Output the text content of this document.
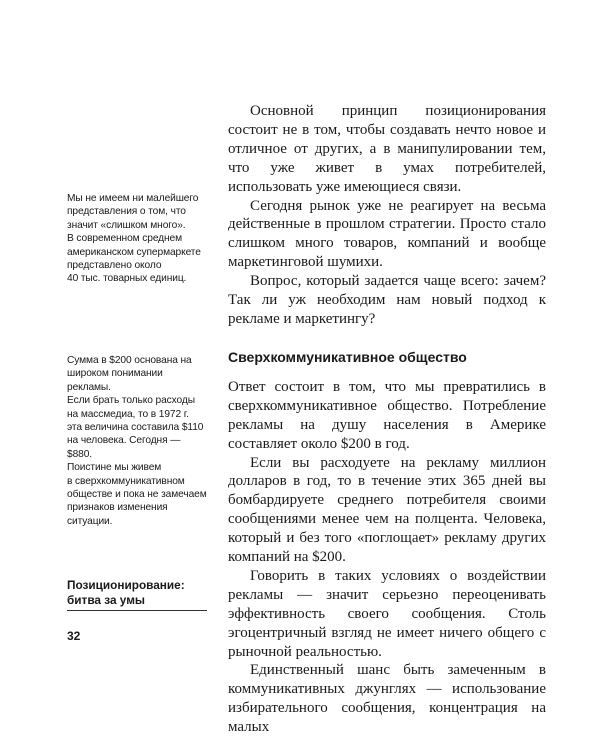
Мы не имеем ни малейшего
представления о том, что
значит «слишком много».
В современном среднем
американском супермаркете
представлено около
40 тыс. товарных единиц.
Сумма в $200 основана на
широком понимании рекламы.
Если брать только расходы
на массмедиа, то в 1972 г.
эта величина составила $110
на человека. Сегодня — $880.
Поистине мы живем
в сверхкоммуникативном
обществе и пока не замечаем
признаков изменения
ситуации.

Основной принцип позиционирования состоит не в том, чтобы создавать нечто новое и отличное от других, а в манипулировании тем, что уже живет в умах потребителей, использовать уже имеющиеся связи.

Сегодня рынок уже не реагирует на весьма действенные в прошлом стратегии. Просто стало слишком много товаров, компаний и вообще маркетинговой шумихи.

Вопрос, который задается чаще всего: зачем? Так ли уж необходим нам новый подход к рекламе и маркетингу?

Сверхкоммуникативное общество

Ответ состоит в том, что мы превратились в сверхкоммуникативное общество. Потребление рекламы на душу населения в Америке составляет около $200 в год.

Если вы расходуете на рекламу миллион долларов в год, то в течение этих 365 дней вы бомбардируете среднего потребителя своими сообщениями менее чем на полцента. Человека, который и без того «поглощает» рекламу других компаний на $200.

Говорить в таких условиях о воздействии рекламы — значит серьезно переоценивать эффективность своего сообщения. Столь эгоцентричный взгляд не имеет ничего общего с рыночной реальностью.

Единственный шанс быть замеченным в коммуникативных джунглях — использование избирательного сообщения, концентрация на малых

Позиционирование:
битва за умы
32
